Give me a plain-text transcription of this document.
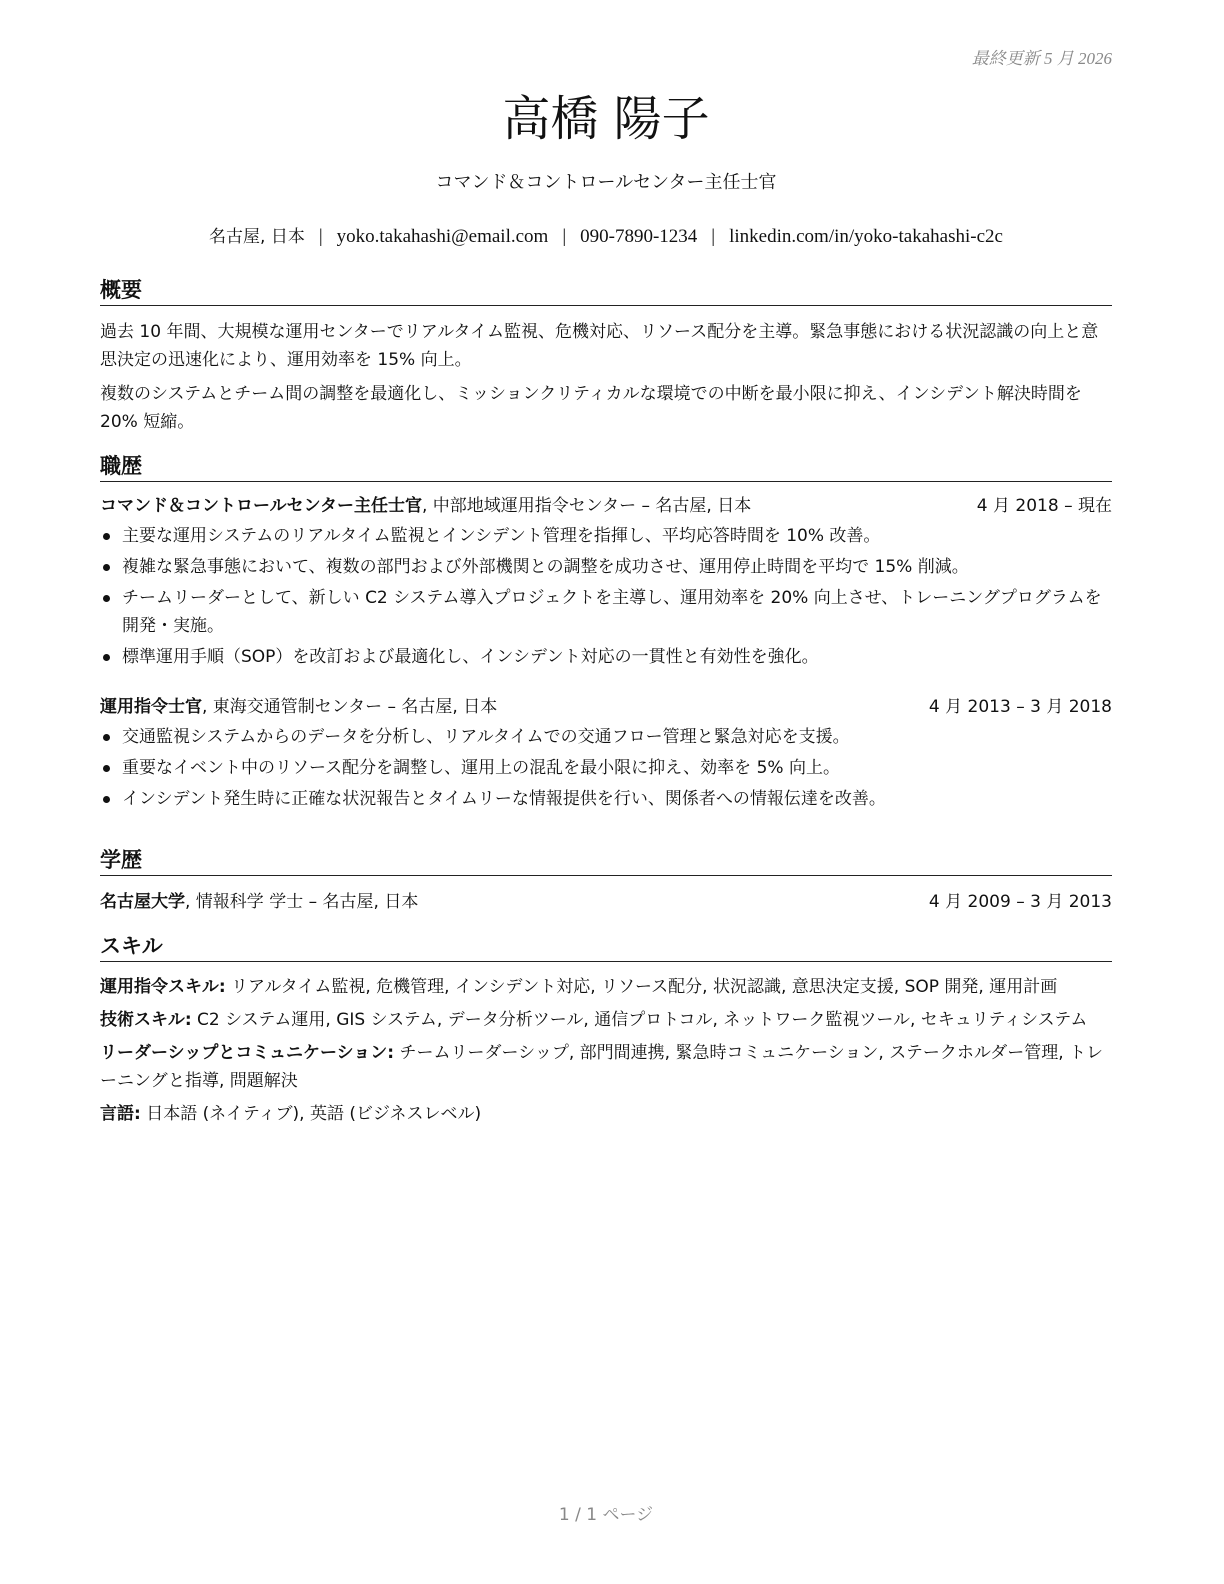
最終更新 5 月 2026
高橋 陽子
コマンド＆コントロールセンター主任士官
名古屋, 日本 | yoko.takahashi@email.com | 090-7890-1234 | linkedin.com/in/yoko-takahashi-c2c
概要

過去 10 年間、大規模な運用センターでリアルタイム監視、危機対応、リソース配分を主導。緊急事態における状況認識の向上と意思決定の迅速化により、運用効率を 15% 向上。

複数のシステムとチーム間の調整を最適化し、ミッションクリティカルな環境での中断を最小限に抑え、インシデント解決時間を 20% 短縮。

職歴
コマンド＆コントロールセンター主任士官, 中部地域運用指令センター – 名古屋, 日本	4 月 2018 – 現在
主要な運用システムのリアルタイム監視とインシデント管理を指揮し、平均応答時間を 10% 改善。
複雑な緊急事態において、複数の部門および外部機関との調整を成功させ、運用停止時間を平均で 15% 削減。
チームリーダーとして、新しい C2 システム導入プロジェクトを主導し、運用効率を 20% 向上させ、トレーニングプログラムを開発・実施。
標準運用手順（SOP）を改訂および最適化し、インシデント対応の一貫性と有効性を強化。
運用指令士官, 東海交通管制センター – 名古屋, 日本	4 月 2013 – 3 月 2018
交通監視システムからのデータを分析し、リアルタイムでの交通フロー管理と緊急対応を支援。
重要なイベント中のリソース配分を調整し、運用上の混乱を最小限に抑え、効率を 5% 向上。
インシデント発生時に正確な状況報告とタイムリーな情報提供を行い、関係者への情報伝達を改善。
学歴
名古屋大学, 情報科学 学士 – 名古屋, 日本	4 月 2009 – 3 月 2013
スキル
運用指令スキル: リアルタイム監視, 危機管理, インシデント対応, リソース配分, 状況認識, 意思決定支援, SOP 開発, 運用計画
技術スキル: C2 システム運用, GIS システム, データ分析ツール, 通信プロトコル, ネットワーク監視ツール, セキュリティシステム
リーダーシップとコミュニケーション: チームリーダーシップ, 部門間連携, 緊急時コミュニケーション, ステークホルダー管理, トレーニングと指導, 問題解決
言語: 日本語 (ネイティブ), 英語 (ビジネスレベル)
1 / 1 ページ
